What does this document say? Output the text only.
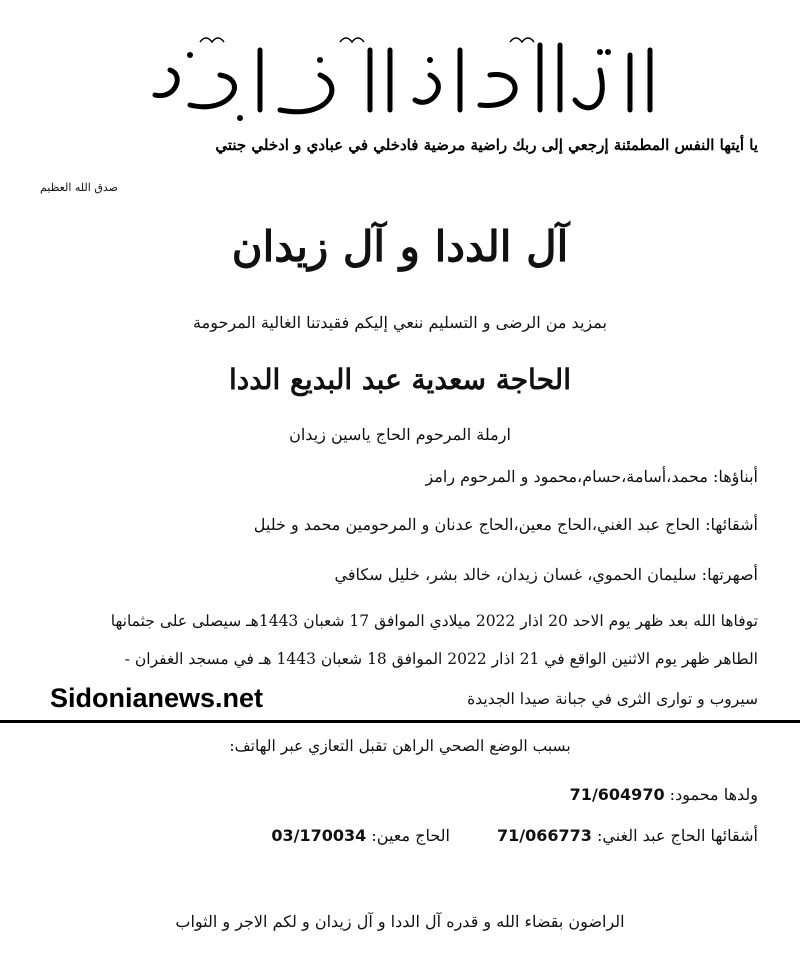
يا أيتها النفس المطمئنة إرجعي إلى ربك راضية مرضية فادخلي في عبادي و ادخلي جنتي
صدق الله العظيم
آل الددا و آل زيدان
بمزيد من الرضى و التسليم ننعي إليكم فقيدتنا الغالية المرحومة
الحاجة سعدية عبد البديع الددا
ارملة المرحوم الحاج ياسين زيدان
أبناؤها: محمد،أسامة،حسام،محمود و المرحوم رامز
أشقائها: الحاج عبد الغني،الحاج معين،الحاج عدنان و المرحومين محمد و خليل
أصهرتها: سليمان الحموي، غسان زيدان، خالد بشر، خليل سكافي
توفاها الله بعد ظهر يوم الاحد 20 اذار 2022 ميلادي الموافق 17 شعبان 1443هـ سيصلى على جثمانها
الطاهر ظهر يوم الاثنين الواقع في 21 اذار 2022 الموافق 18 شعبان 1443 هـ في مسجد الغفران -
سيروب و توارى الثرى في جبانة صيدا الجديدة
Sidonianews.net
بسبب الوضع الصحي الراهن تقبل التعازي عبر الهاتف:
ولدها محمود: 71/604970
أشقائها الحاج عبد الغني: 71/066773
الحاج معين: 03/170034
الراضون بقضاء الله و قدره آل الددا و آل زيدان و لكم الاجر و الثواب
